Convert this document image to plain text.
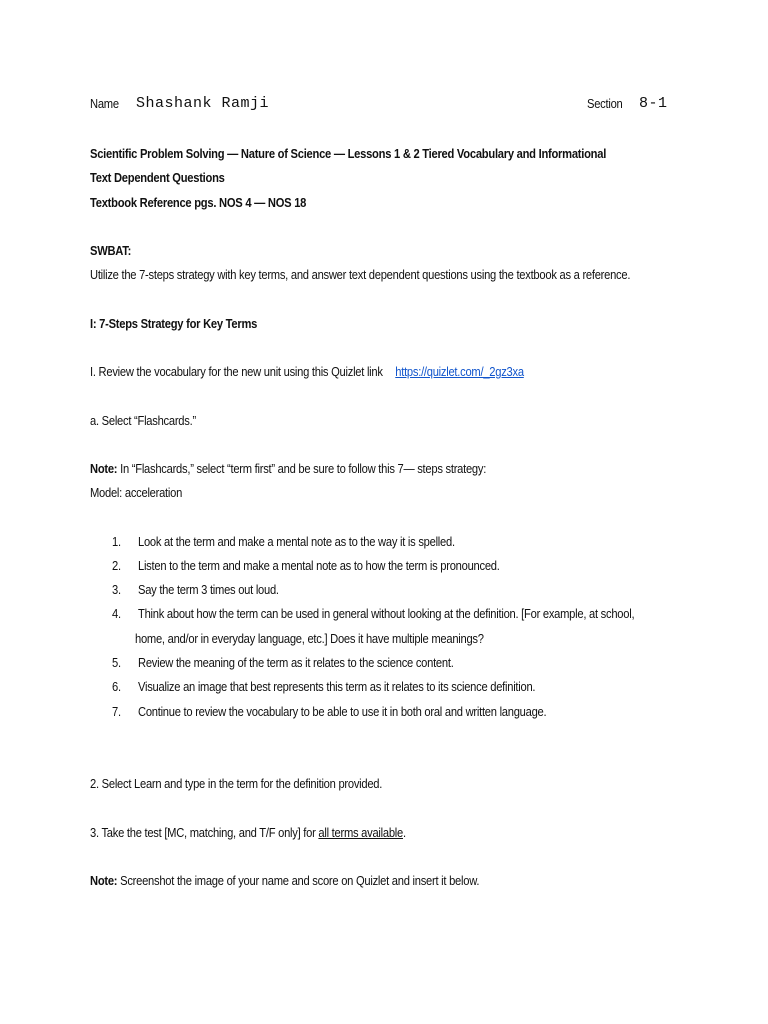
Name Shashank Ramji	Section 8-1
Scientific Problem Solving — Nature of Science — Lessons 1 & 2 Tiered Vocabulary and Informational
Text Dependent Questions
Textbook Reference pgs. NOS 4 — NOS 18
SWBAT:
Utilize the 7-steps strategy with key terms, and answer text dependent questions using the textbook as a reference.
I: 7-Steps Strategy for Key Terms
I. Review the vocabulary for the new unit using this Quizlet link https://quizlet.com/_2gz3xa
a. Select “Flashcards.”
Note: In “Flashcards,” select “term first” and be sure to follow this 7— steps strategy:
Model: acceleration
1. Look at the term and make a mental note as to the way it is spelled.
2. Listen to the term and make a mental note as to how the term is pronounced.
3. Say the term 3 times out loud.
4. Think about how the term can be used in general without looking at the definition. [For example, at school,
home, and/or in everyday language, etc.] Does it have multiple meanings?
5. Review the meaning of the term as it relates to the science content.
6. Visualize an image that best represents this term as it relates to its science definition.
7. Continue to review the vocabulary to be able to use it in both oral and written language.
2. Select Learn and type in the term for the definition provided.
3. Take the test [MC, matching, and T/F only] for all terms available.
Note: Screenshot the image of your name and score on Quizlet and insert it below.
